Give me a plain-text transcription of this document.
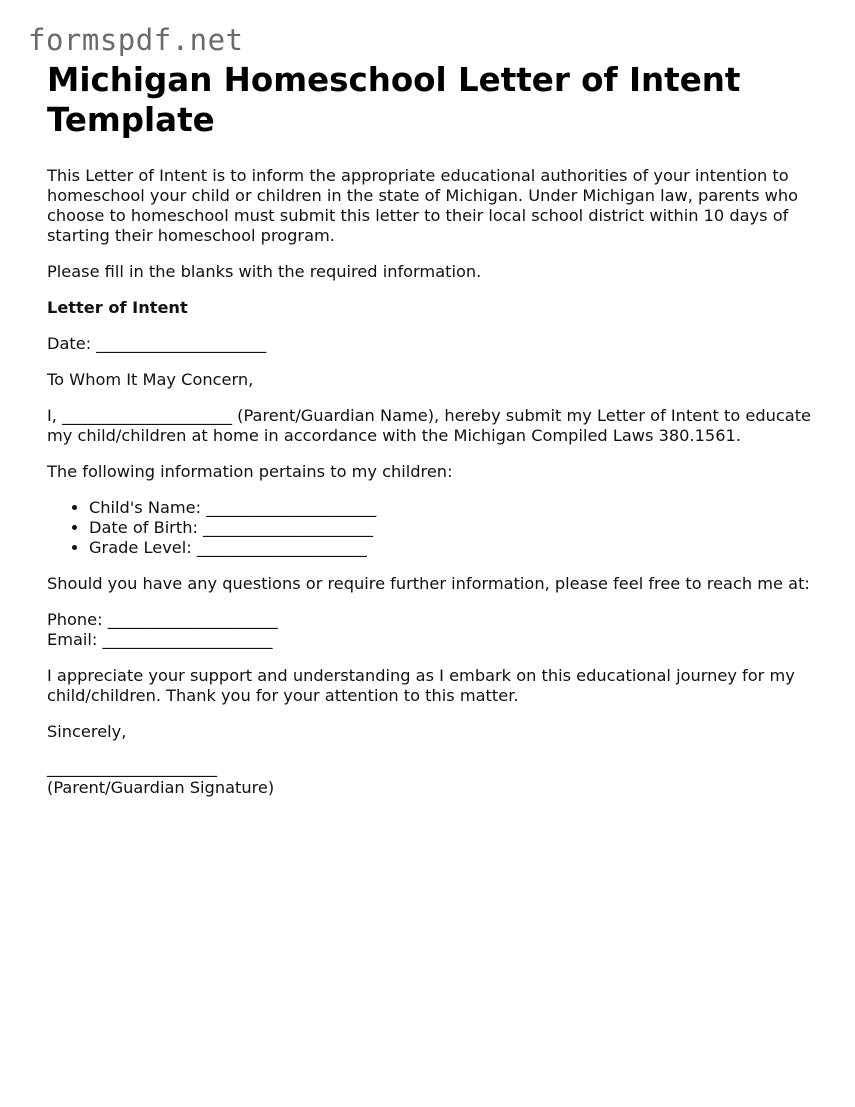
formspdf.net
Michigan Homeschool Letter of Intent Template

This Letter of Intent is to inform the appropriate educational authorities of your intention to homeschool your child or children in the state of Michigan. Under Michigan law, parents who choose to homeschool must submit this letter to their local school district within 10 days of starting their homeschool program.

Please fill in the blanks with the required information.

Letter of Intent

Date: _____________________

To Whom It May Concern,

I, _____________________ (Parent/Guardian Name), hereby submit my Letter of Intent to educate my child/children at home in accordance with the Michigan Compiled Laws 380.1561.

The following information pertains to my children:

• Child's Name: _____________________
• Date of Birth: _____________________
• Grade Level: _____________________

Should you have any questions or require further information, please feel free to reach me at:

Phone: _____________________

Email: _____________________

I appreciate your support and understanding as I embark on this educational journey for my child/children. Thank you for your attention to this matter.

Sincerely,

_____________________

(Parent/Guardian Signature)
